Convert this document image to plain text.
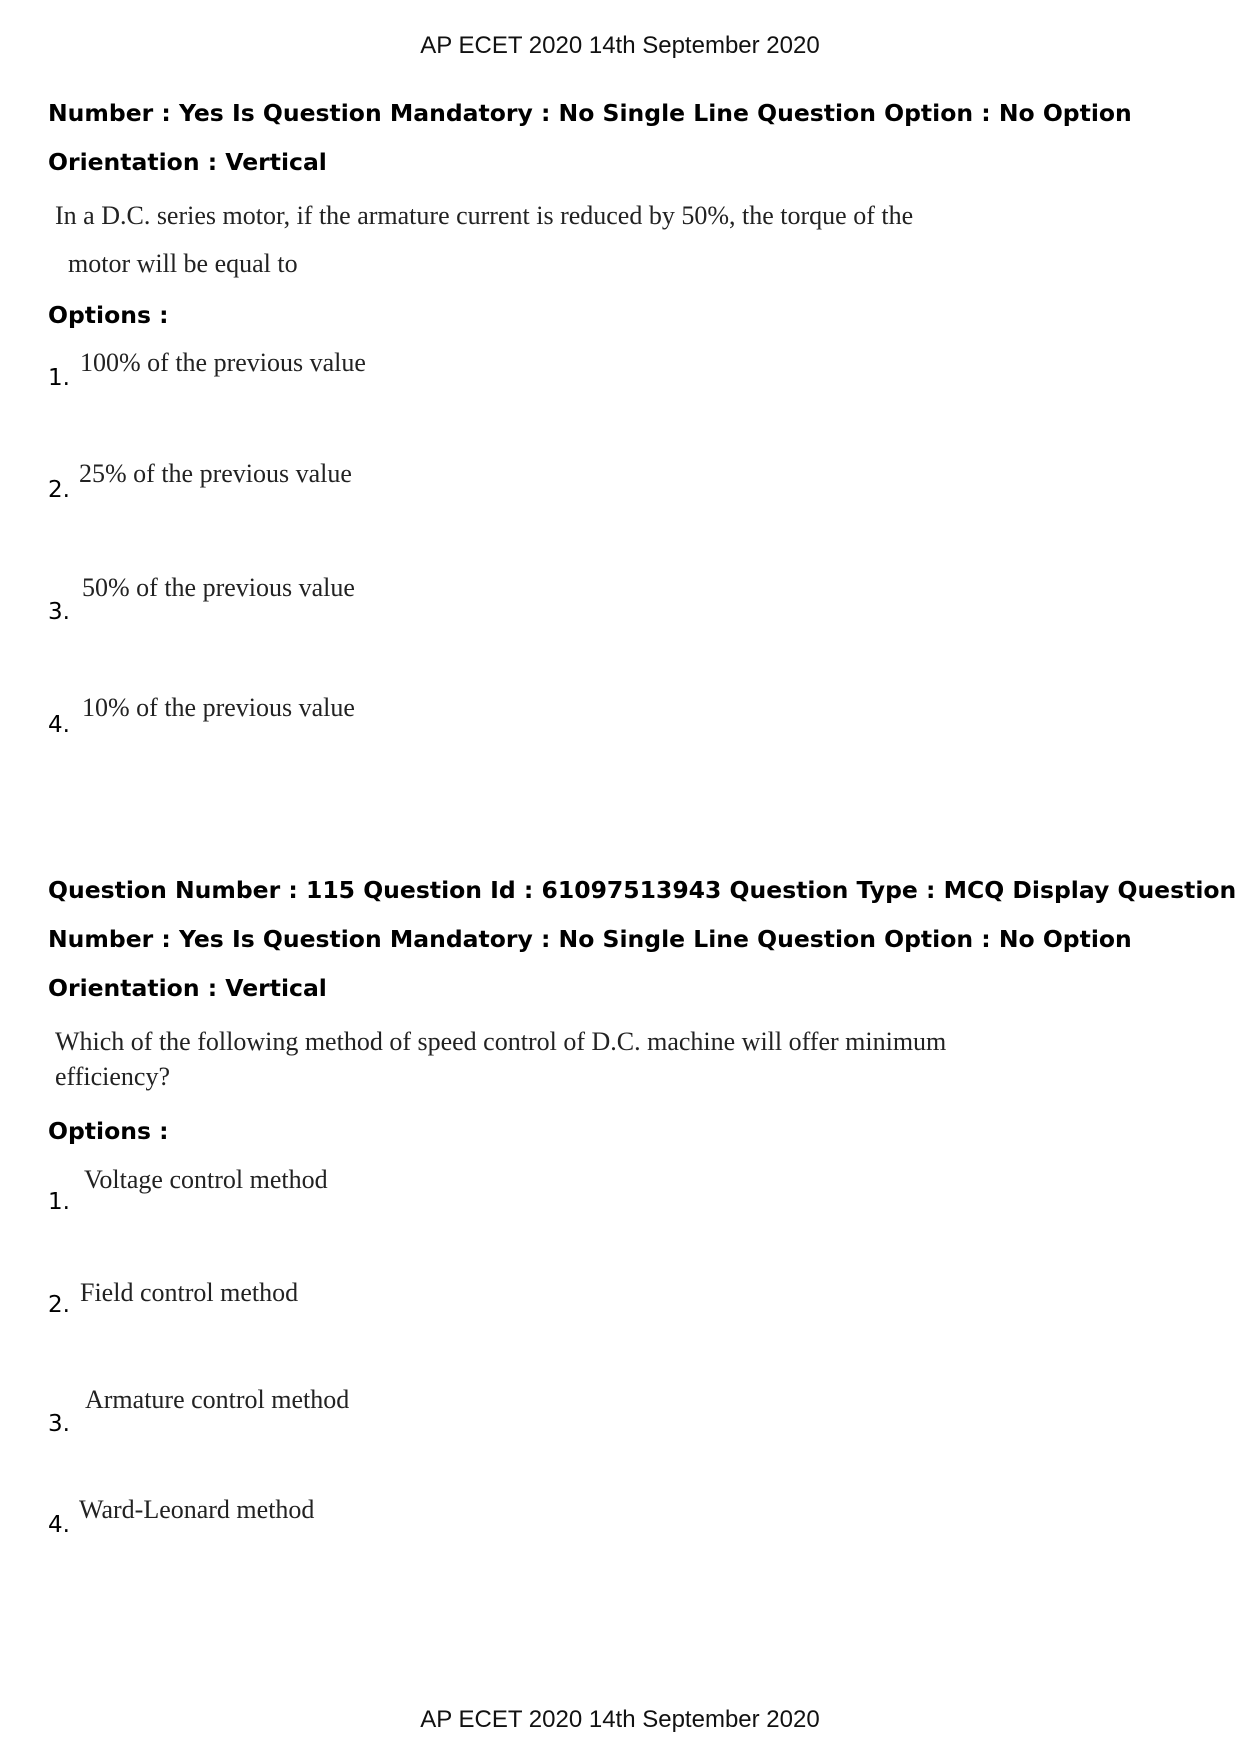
AP ECET 2020 14th September 2020
Number : Yes Is Question Mandatory : No Single Line Question Option : No Option
Orientation : Vertical
In a D.C. series motor, if the armature current is reduced by 50%, the torque of the
motor will be equal to
Options :
1.
100% of the previous value
2.
25% of the previous value
3.
50% of the previous value
4.
10% of the previous value
Question Number : 115 Question Id : 61097513943 Question Type : MCQ Display Question
Number : Yes Is Question Mandatory : No Single Line Question Option : No Option
Orientation : Vertical
Which of the following method of speed control of D.C. machine will offer minimum
efficiency?
Options :
1.
Voltage control method
2. Field control method
3.
Armature control method
4.
Ward-Leonard method
AP ECET 2020 14th September 2020
